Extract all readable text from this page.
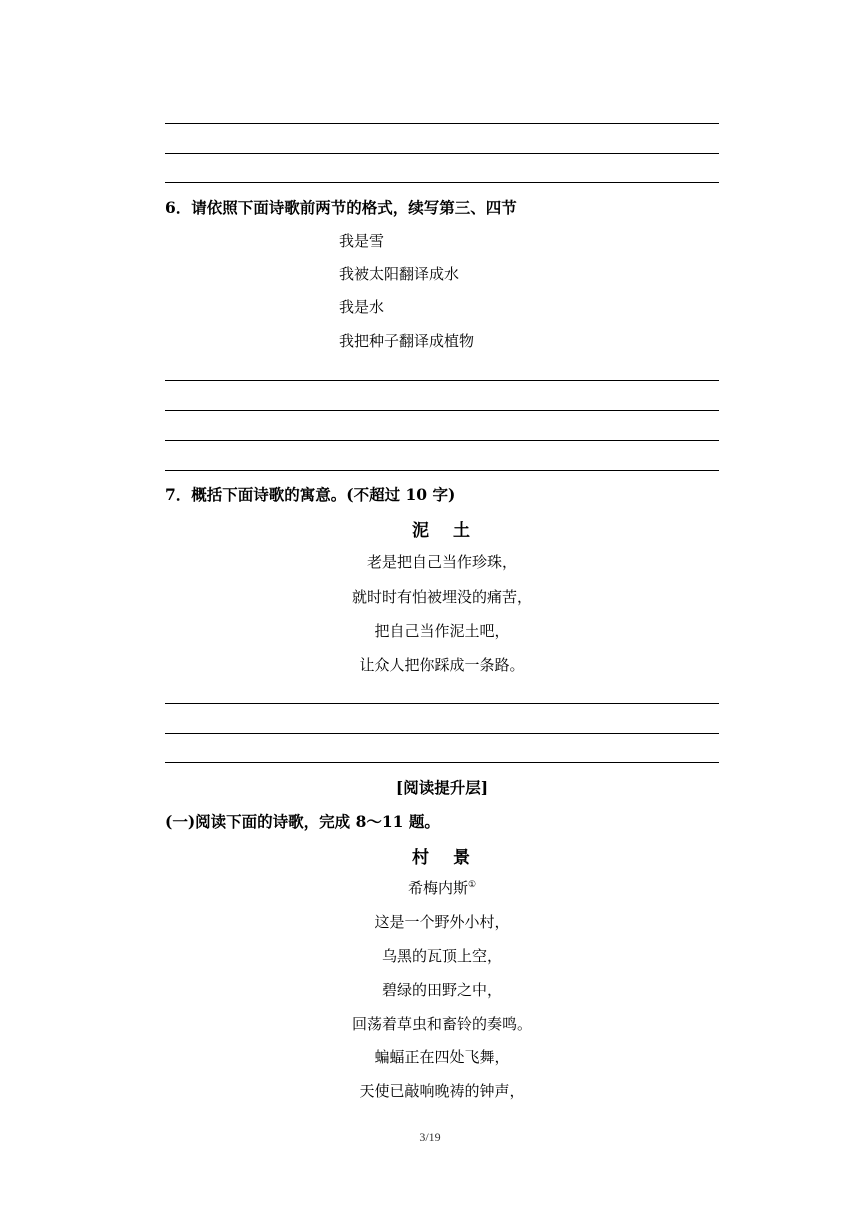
6．请依照下面诗歌前两节的格式，续写第三、四节
我是雪
我被太阳翻译成水
我是水
我把种子翻译成植物
7．概括下面诗歌的寓意。(不超过 10 字)
泥 土
老是把自己当作珍珠，
就时时有怕被埋没的痛苦，
把自己当作泥土吧，
让众人把你踩成一条路。
[阅读提升层]
(一)阅读下面的诗歌，完成 8～11 题。
村 景
希梅内斯①
这是一个野外小村，
乌黑的瓦顶上空，
碧绿的田野之中，
回荡着草虫和畜铃的奏鸣。
蝙蝠正在四处飞舞，
天使已敲响晚祷的钟声，
3/19
